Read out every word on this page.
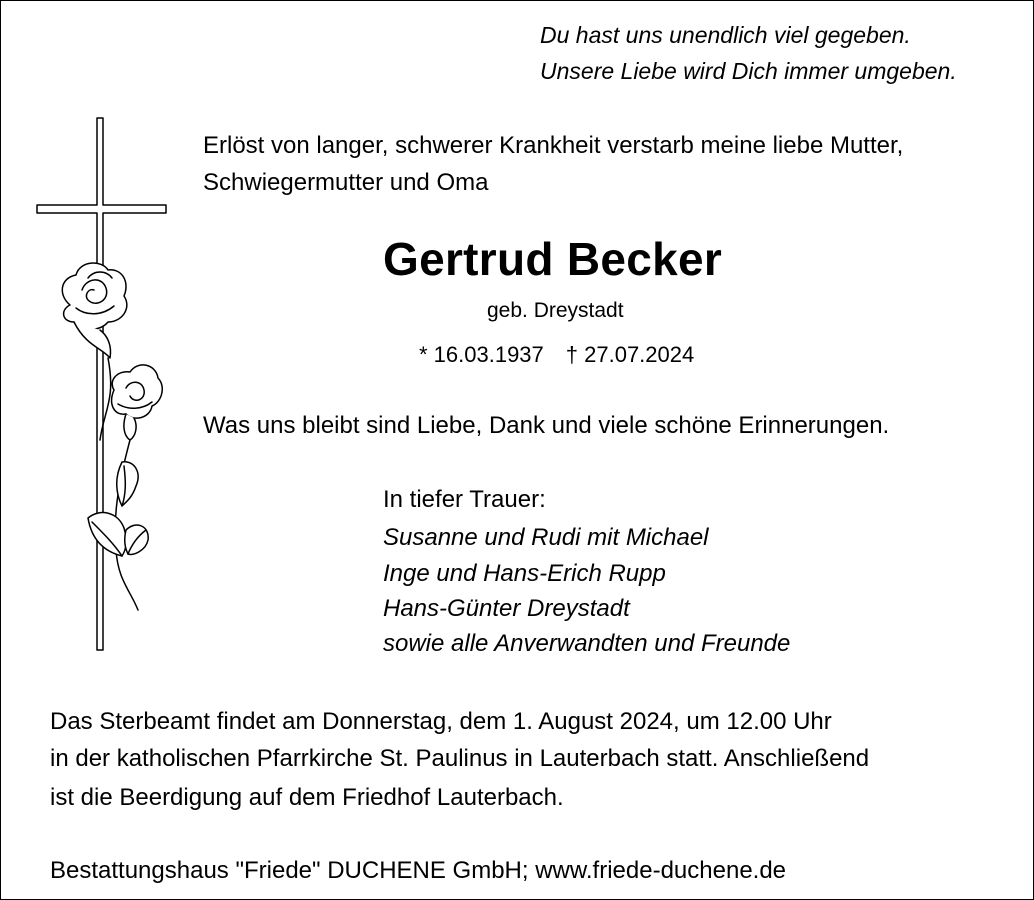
Du hast uns unendlich viel gegeben.
Unsere Liebe wird Dich immer umgeben.
Erlöst von langer, schwerer Krankheit verstarb meine liebe Mutter,
Schwiegermutter und Oma
Gertrud Becker
geb. Dreystadt
* 16.03.1937 † 27.07.2024
Was uns bleibt sind Liebe, Dank und viele schöne Erinnerungen.
In tiefer Trauer:
Susanne und Rudi mit Michael
Inge und Hans-Erich Rupp
Hans-Günter Dreystadt
sowie alle Anverwandten und Freunde
Das Sterbeamt findet am Donnerstag, dem 1. August 2024, um 12.00 Uhr
in der katholischen Pfarrkirche St. Paulinus in Lauterbach statt. Anschließend
ist die Beerdigung auf dem Friedhof Lauterbach.
Bestattungshaus "Friede" DUCHENE GmbH; www.friede-duchene.de
